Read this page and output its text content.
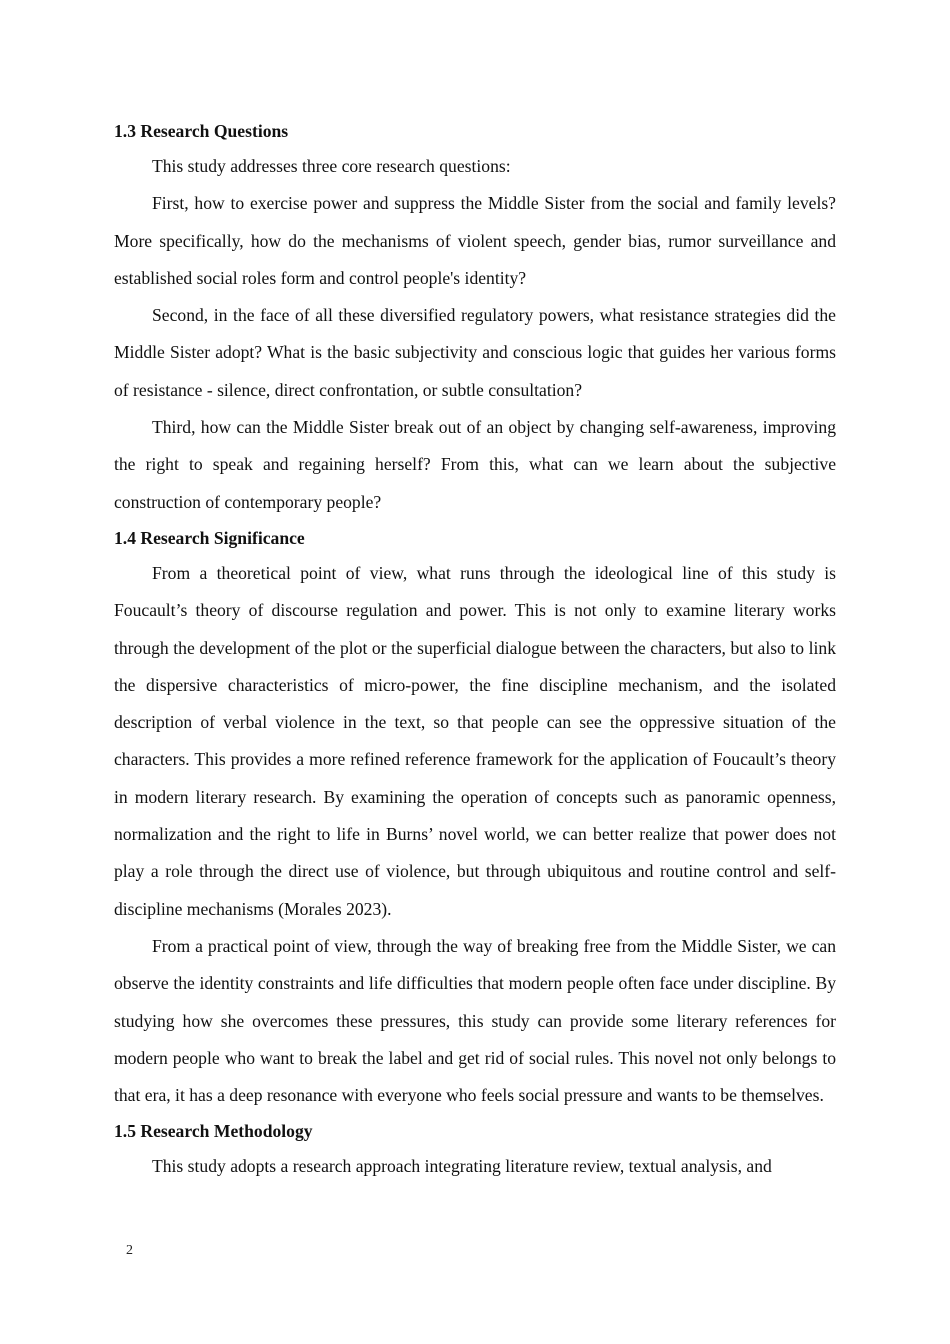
1.3 Research Questions

This study addresses three core research questions:

First, how to exercise power and suppress the Middle Sister from the social and family levels? More specifically, how do the mechanisms of violent speech, gender bias, rumor surveillance and established social roles form and control people's identity?

Second, in the face of all these diversified regulatory powers, what resistance strategies did the Middle Sister adopt? What is the basic subjectivity and conscious logic that guides her various forms of resistance - silence, direct confrontation, or subtle consultation?

Third, how can the Middle Sister break out of an object by changing self-awareness, improving the right to speak and regaining herself? From this, what can we learn about the subjective construction of contemporary people?

1.4 Research Significance

From a theoretical point of view, what runs through the ideological line of this study is Foucault’s theory of discourse regulation and power. This is not only to examine literary works through the development of the plot or the superficial dialogue between the characters, but also to link the dispersive characteristics of micro-power, the fine discipline mechanism, and the isolated description of verbal violence in the text, so that people can see the oppressive situation of the characters. This provides a more refined reference framework for the application of Foucault’s theory in modern literary research. By examining the operation of concepts such as panoramic openness, normalization and the right to life in Burns’ novel world, we can better realize that power does not play a role through the direct use of violence, but through ubiquitous and routine control and self-discipline mechanisms (Morales 2023).

From a practical point of view, through the way of breaking free from the Middle Sister, we can observe the identity constraints and life difficulties that modern people often face under discipline. By studying how she overcomes these pressures, this study can provide some literary references for modern people who want to break the label and get rid of social rules. This novel not only belongs to that era, it has a deep resonance with everyone who feels social pressure and wants to be themselves.

1.5 Research Methodology

This study adopts a research approach integrating literature review, textual analysis, and

2
